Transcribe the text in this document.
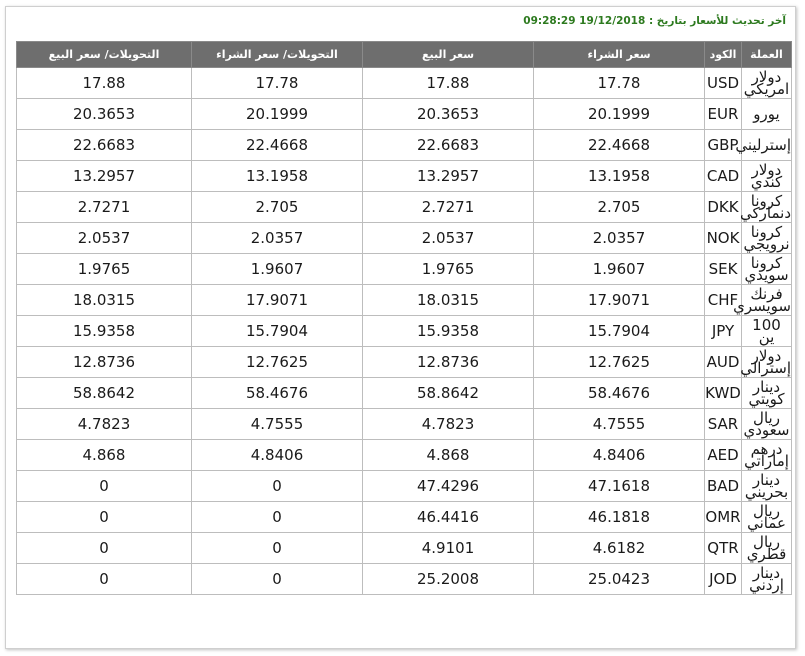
آخر تحديث للأسعار بتاريخ : 19/12/2018 09:28:29
العملة	الكود	سعر الشراء	سعر البيع	التحويلات/ سعر الشراء	التحويلات/ سعر البيع
دولار امريكي	USD	17.78	17.88	17.78	17.88
يورو	EUR	20.1999	20.3653	20.1999	20.3653
إسترليني	GBP	22.4668	22.6683	22.4668	22.6683
دولار كندي	CAD	13.1958	13.2957	13.1958	13.2957
كرونا دنماركي	DKK	2.705	2.7271	2.705	2.7271
كرونا نرويجي	NOK	2.0357	2.0537	2.0357	2.0537
كرونا سويدي	SEK	1.9607	1.9765	1.9607	1.9765
فرنك سويسري	CHF	17.9071	18.0315	17.9071	18.0315
100 ين	JPY	15.7904	15.9358	15.7904	15.9358
دولار إسترالي	AUD	12.7625	12.8736	12.7625	12.8736
دينار كويتي	KWD	58.4676	58.8642	58.4676	58.8642
ريال سعودي	SAR	4.7555	4.7823	4.7555	4.7823
درهم إماراتي	AED	4.8406	4.868	4.8406	4.868
دينار بحريني	BAD	47.1618	47.4296	0	0
ريال عماني	OMR	46.1818	46.4416	0	0
ريال قطري	QTR	4.6182	4.9101	0	0
دينار إردني	JOD	25.0423	25.2008	0	0
